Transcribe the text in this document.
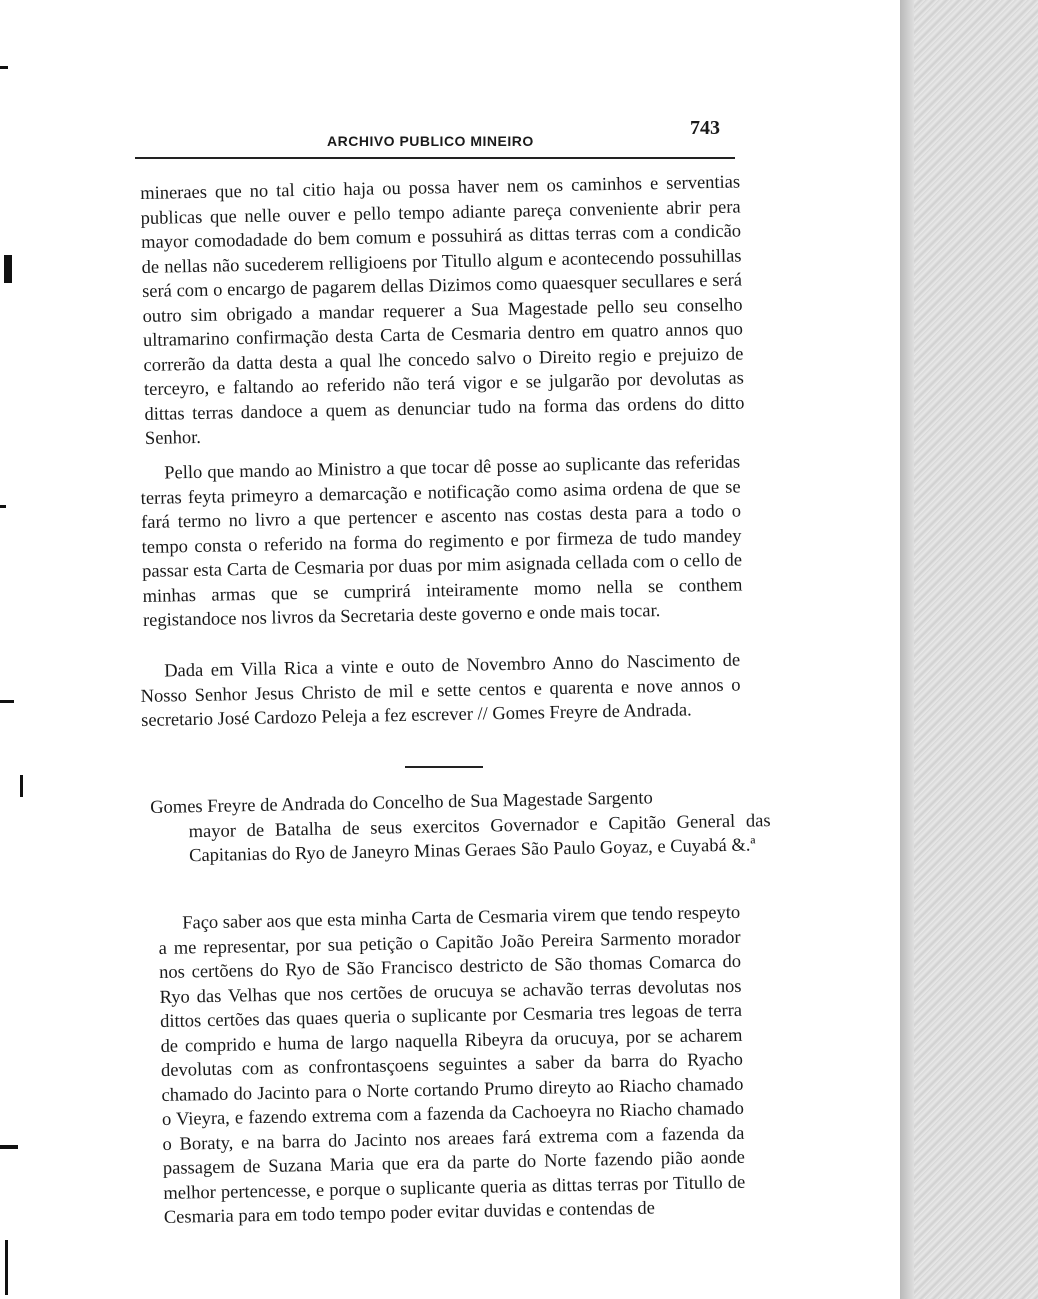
ARCHIVO PUBLICO MINEIRO
743

mineraes que no tal citio haja ou possa haver nem os caminhos e serventias publicas que nelle ouver e pello tempo adiante pareça conveniente abrir pera mayor comodadade do bem comum e possuhirá as dittas terras com a condicão de nellas não sucederem relligioens por Titullo algum e acontecendo possuhillas será com o encargo de pagarem dellas Dizimos como quaesquer secullares e será outro sim obrigado a mandar requerer a Sua Magestade pello seu conselho ultramarino confirmação desta Carta de Cesmaria dentro em quatro annos quo correrão da datta desta a qual lhe concedo salvo o Direito regio e prejuizo de terceyro, e faltando ao referido não terá vigor e se julgarão por devolutas as dittas terras dandoce a quem as denunciar tudo na forma das ordens do ditto Senhor.

Pello que mando ao Ministro a que tocar dê posse ao suplicante das referidas terras feyta primeyro a demarcação e notificação como asima ordena de que se fará termo no livro a que pertencer e ascento nas costas desta para a todo o tempo consta o referido na forma do regimento e por firmeza de tudo mandey passar esta Carta de Cesmaria por duas por mim asignada cellada com o cello de minhas armas que se cumprirá inteiramente momo nella se conthem registandoce nos livros da Secretaria deste governo e onde mais tocar.

Dada em Villa Rica a vinte e outo de Novembro Anno do Nascimento de Nosso Senhor Jesus Christo de mil e sette centos e quarenta e nove annos o secretario José Cardozo Peleja a fez escrever // Gomes Freyre de Andrada.

Gomes Freyre de Andrada do Concelho de Sua Magestade Sargento

mayor de Batalha de seus exercitos Governador e Capitão General das Capitanias do Ryo de Janeyro Minas Geraes São Paulo Goyaz, e Cuyabá &.ª

Faço saber aos que esta minha Carta de Cesmaria virem que tendo respeyto a me representar, por sua petição o Capitão João Pereira Sarmento morador nos certõens do Ryo de São Francisco destricto de São thomas Comarca do Ryo das Velhas que nos certões de orucuya se achavão terras devolutas nos dittos certões das quaes queria o suplicante por Cesmaria tres legoas de terra de comprido e huma de largo naquella Ribeyra da orucuya, por se acharem devolutas com as confrontasçoens seguintes a saber da barra do Ryacho chamado do Jacinto para o Norte cortando Prumo direyto ao Riacho chamado o Vieyra, e fazendo extrema com a fazenda da Cachoeyra no Riacho chamado o Boraty, e na barra do Jacinto nos areaes fará extrema com a fazenda da passagem de Suzana Maria que era da parte do Norte fazendo pião aonde melhor pertencesse, e porque o suplicante queria as dittas terras por Titullo de Cesmaria para em todo tempo poder evitar duvidas e contendas de
